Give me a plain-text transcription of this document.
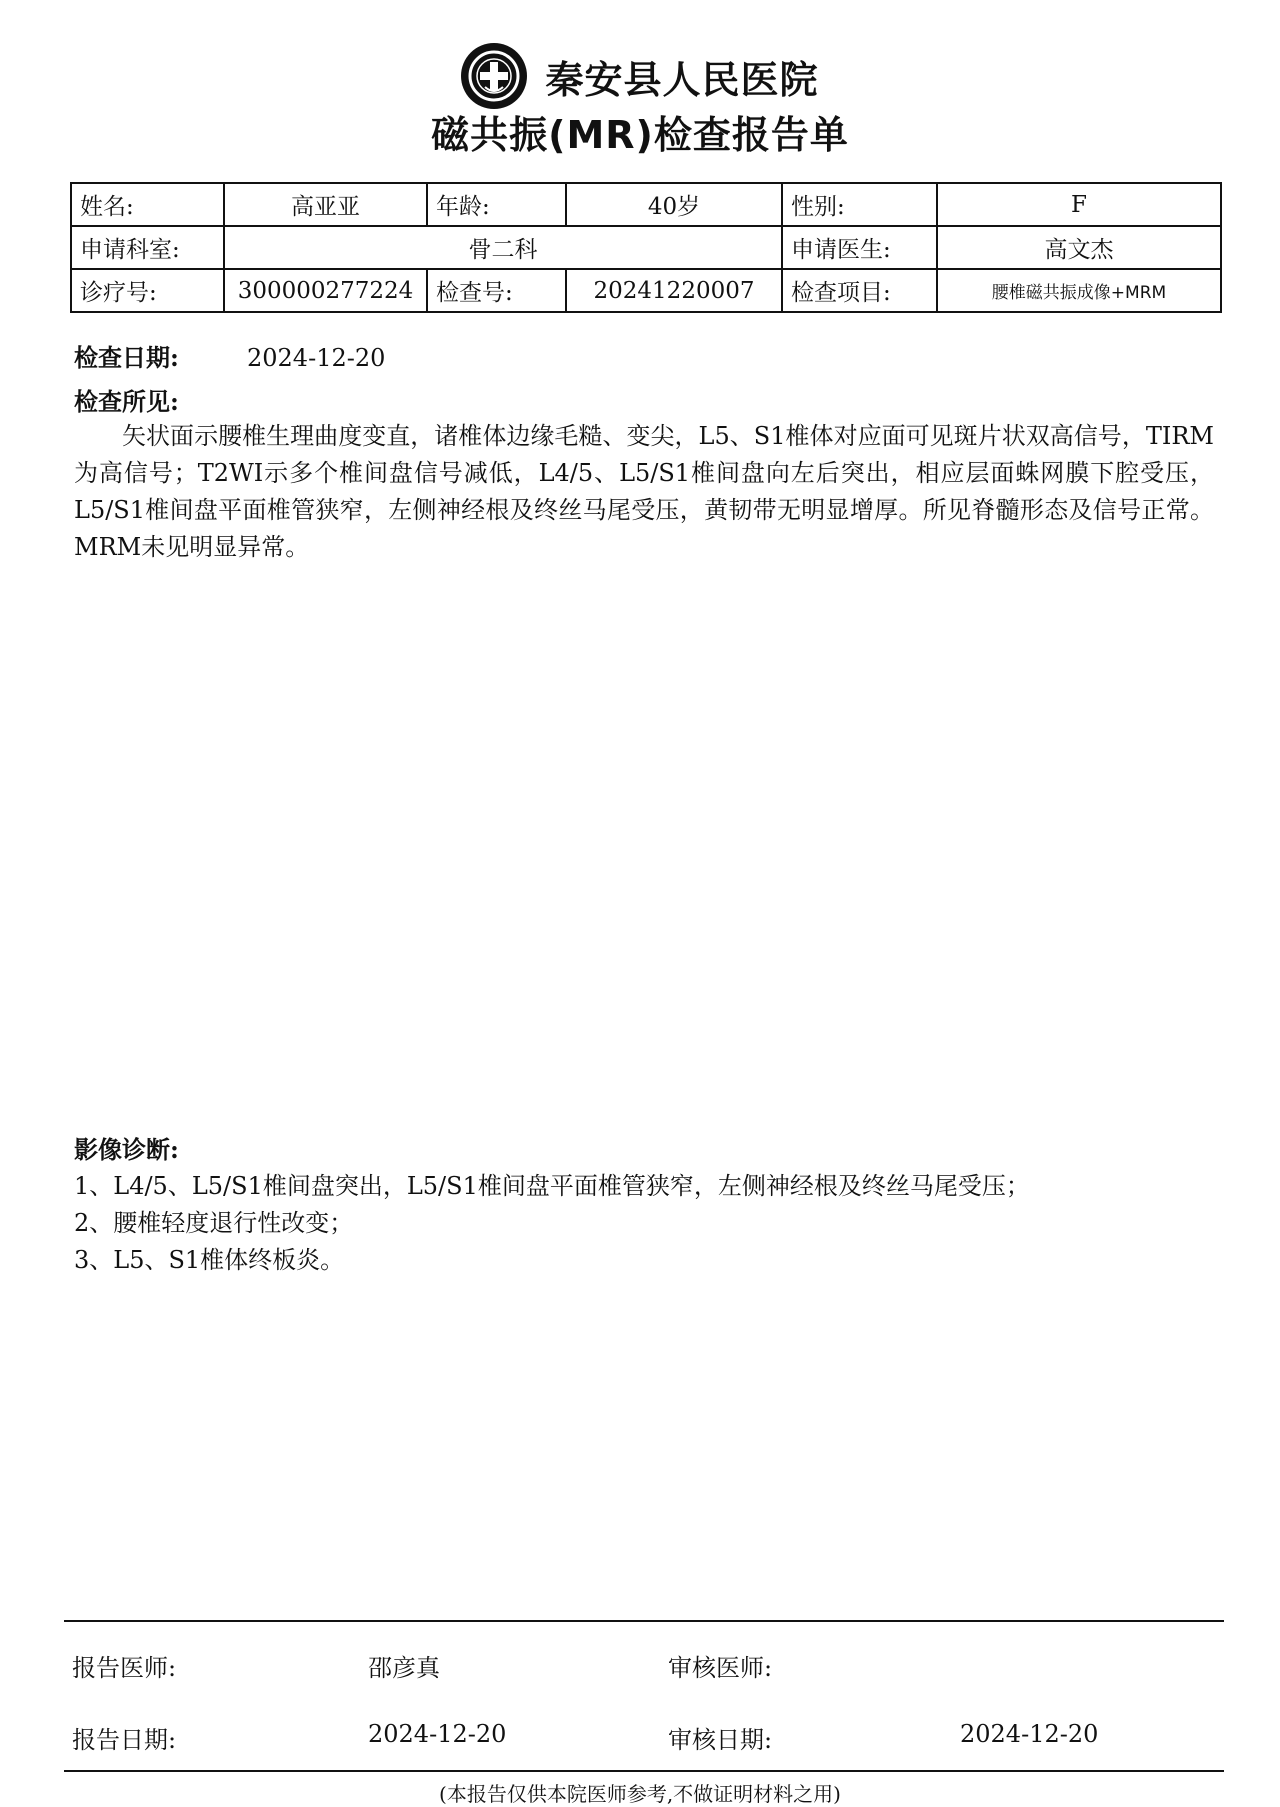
秦安县人民医院
磁共振(MR)检查报告单
姓名:	高亚亚	年龄:	40岁	性别:	F
申请科室:	骨二科			申请医生:	高文杰
诊疗号:	300000277224	检查号:	20241220007	检查项目:	腰椎磁共振成像+MRM
检查日期:	2024-12-20
检查所见:
矢状面示腰椎生理曲度变直，诸椎体边缘毛糙、变尖，L5、S1椎体对应面可见斑片状双高信号，TIRM为高信号；T2WI示多个椎间盘信号减低，L4/5、L5/S1椎间盘向左后突出，相应层面蛛网膜下腔受压，L5/S1椎间盘平面椎管狭窄，左侧神经根及终丝马尾受压，黄韧带无明显增厚。所见脊髓形态及信号正常。MRM未见明显异常。
影像诊断:
1、L4/5、L5/S1椎间盘突出，L5/S1椎间盘平面椎管狭窄，左侧神经根及终丝马尾受压；
2、腰椎轻度退行性改变；
3、L5、S1椎体终板炎。
报告医师:	邵彦真	审核医师:
报告日期:	2024-12-20	审核日期:	2024-12-20
(本报告仅供本院医师参考,不做证明材料之用)
